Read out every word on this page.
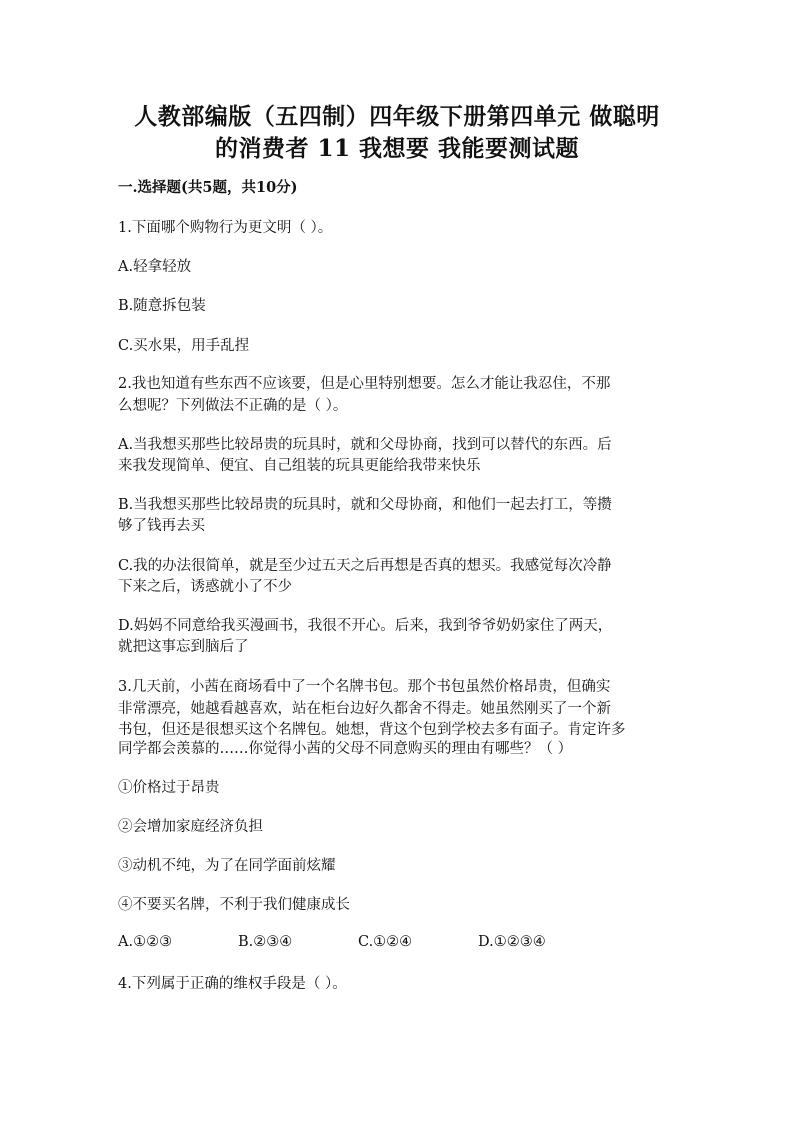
人教部编版（五四制）四年级下册第四单元 做聪明
的消费者 11 我想要 我能要测试题
一.选择题(共5题，共10分)
1.下面哪个购物行为更文明（ ）。
A.轻拿轻放
B.随意拆包装
C.买水果，用手乱捏
2.我也知道有些东西不应该要，但是心里特别想要。怎么才能让我忍住，不那
么想呢？下列做法不正确的是（ ）。
A.当我想买那些比较昂贵的玩具时，就和父母协商，找到可以替代的东西。后
来我发现简单、便宜、自己组装的玩具更能给我带来快乐
B.当我想买那些比较昂贵的玩具时，就和父母协商，和他们一起去打工，等攒
够了钱再去买
C.我的办法很简单，就是至少过五天之后再想是否真的想买。我感觉每次冷静
下来之后，诱惑就小了不少
D.妈妈不同意给我买漫画书，我很不开心。后来，我到爷爷奶奶家住了两天，
就把这事忘到脑后了
3.几天前，小茜在商场看中了一个名牌书包。那个书包虽然价格昂贵，但确实
非常漂亮，她越看越喜欢，站在柜台边好久都舍不得走。她虽然刚买了一个新
书包，但还是很想买这个名牌包。她想，背这个包到学校去多有面子。肯定许多
同学都会羡慕的……你觉得小茜的父母不同意购买的理由有哪些？（ ）
①价格过于昂贵
②会增加家庭经济负担
③动机不纯，为了在同学面前炫耀
④不要买名牌，不利于我们健康成长
A.①②③	B.②③④	C.①②④	D.①②③④
4.下列属于正确的维权手段是（ ）。
